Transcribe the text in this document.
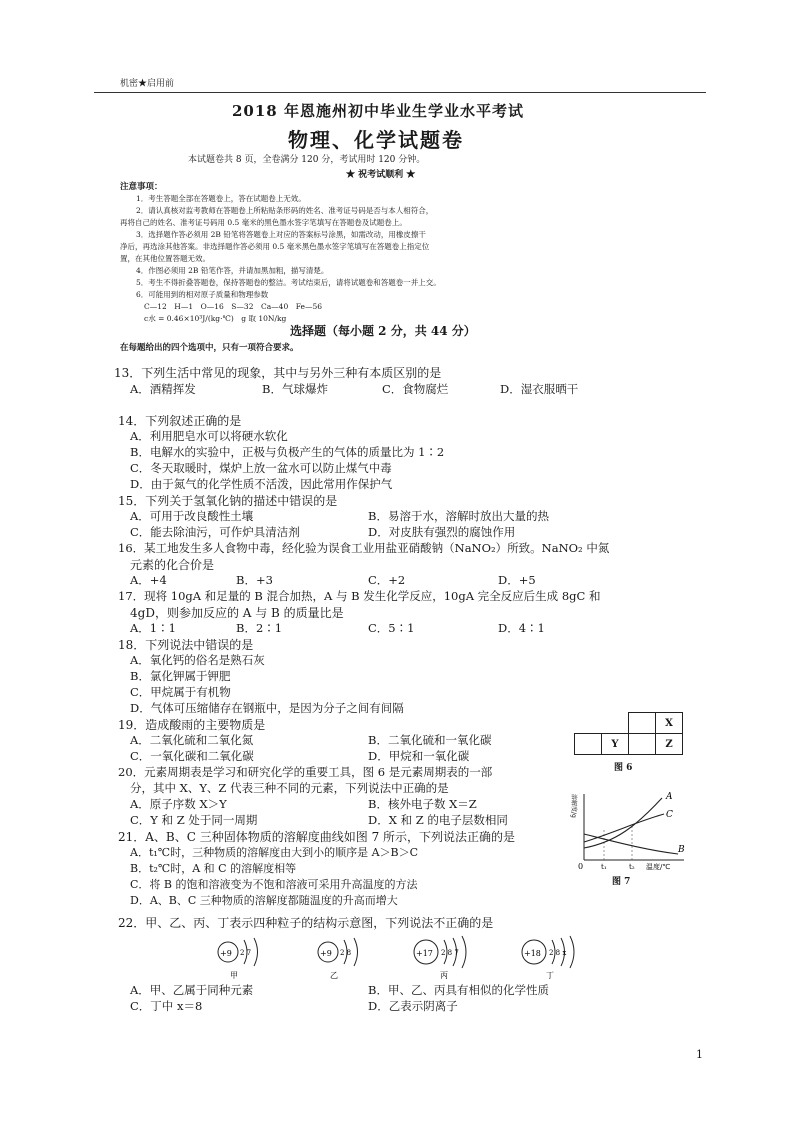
机密★启用前
2018 年恩施州初中毕业生学业水平考试
物理、化学试题卷
本试题卷共 8 页，全卷满分 120 分，考试用时 120 分钟。
★ 祝考试顺利 ★
注意事项：
1．考生答题全部在答题卷上，答在试题卷上无效。
2．请认真核对监考教师在答题卷上所粘贴条形码的姓名、准考证号码是否与本人相符合，
再将自己的姓名、准考证号码用 0.5 毫米的黑色墨水签字笔填写在答题卷及试题卷上。
3．选择题作答必须用 2B 铅笔将答题卷上对应的答案标号涂黑，如需改动，用橡皮擦干
净后，再选涂其他答案。非选择题作答必须用 0.5 毫米黑色墨水签字笔填写在答题卷上指定位
置，在其他位置答题无效。
4．作图必须用 2B 铅笔作答，并请加黑加粗，描写清楚。
5．考生不得折叠答题卷，保持答题卷的整洁。考试结束后，请将试题卷和答题卷一并上交。
6．可能用到的相对原子质量和物理参数
C—12　H—1　O—16　S—32　Ca—40　Fe—56
c水 = 0.46×10³J/(kg·℃)　g 取 10N/kg
选择题（每小题 2 分，共 44 分）
在每题给出的四个选项中，只有一项符合要求。
13．下列生活中常见的现象，其中与另外三种有本质区别的是
A．酒精挥发	B．气球爆炸	C．食物腐烂	D．湿衣服晒干
14．下列叙述正确的是
A．利用肥皂水可以将硬水软化
B．电解水的实验中，正极与负极产生的气体的质量比为 1∶2
C．冬天取暖时，煤炉上放一盆水可以防止煤气中毒
D．由于氮气的化学性质不活泼，因此常用作保护气
15．下列关于氢氧化钠的描述中错误的是
A．可用于改良酸性土壤	B．易溶于水，溶解时放出大量的热
C．能去除油污，可作炉具清洁剂	D．对皮肤有强烈的腐蚀作用
16．某工地发生多人食物中毒，经化验为误食工业用盐亚硝酸钠（NaNO₂）所致。NaNO₂ 中氮
元素的化合价是
A．+4	B．+3	C．+2	D．+5
17．现将 10gA 和足量的 B 混合加热，A 与 B 发生化学反应，10gA 完全反应后生成 8gC 和
4gD，则参加反应的 A 与 B 的质量比是
A．1∶1	B．2∶1	C．5∶1	D．4∶1
18．下列说法中错误的是
A．氧化钙的俗名是熟石灰
B．氯化钾属于钾肥
C．甲烷属于有机物
D．气体可压缩储存在钢瓶中，是因为分子之间有间隔
19．造成酸雨的主要物质是
A．二氧化硫和二氧化氮	B．二氧化硫和一氧化碳
C．一氧化碳和二氧化碳	D．甲烷和一氧化碳
20．元素周期表是学习和研究化学的重要工具，图 6 是元素周期表的一部
分，其中 X、Y、Z 代表三种不同的元素，下列说法中正确的是
A．原子序数 X＞Y	B．核外电子数 X＝Z
C．Y 和 Z 处于同一周期	D．X 和 Z 的电子层数相同
			X
	Y		Z
图 6
21．A、B、C 三种固体物质的溶解度曲线如图 7 所示，下列说法正确的是
A．t₁℃时，三种物质的溶解度由大到小的顺序是 A＞B＞C
B．t₂℃时，A 和 C 的溶解度相等
C．将 B 的饱和溶液变为不饱和溶液可采用升高温度的方法
D．A、B、C 三种物质的溶解度都随温度的升高而增大
A
C
B
0	t₁	t₂ 温度/℃
溶解度/g
图 7
22．甲、乙、丙、丁表示四种粒子的结构示意图，下列说法不正确的是
+9 2 7
甲
+9 2 8
乙
+17 2 8 7
丙
+18 2 8 x
丁
A．甲、乙属于同种元素	B．甲、乙、丙具有相似的化学性质
C．丁中 x＝8	D．乙表示阴离子
1
